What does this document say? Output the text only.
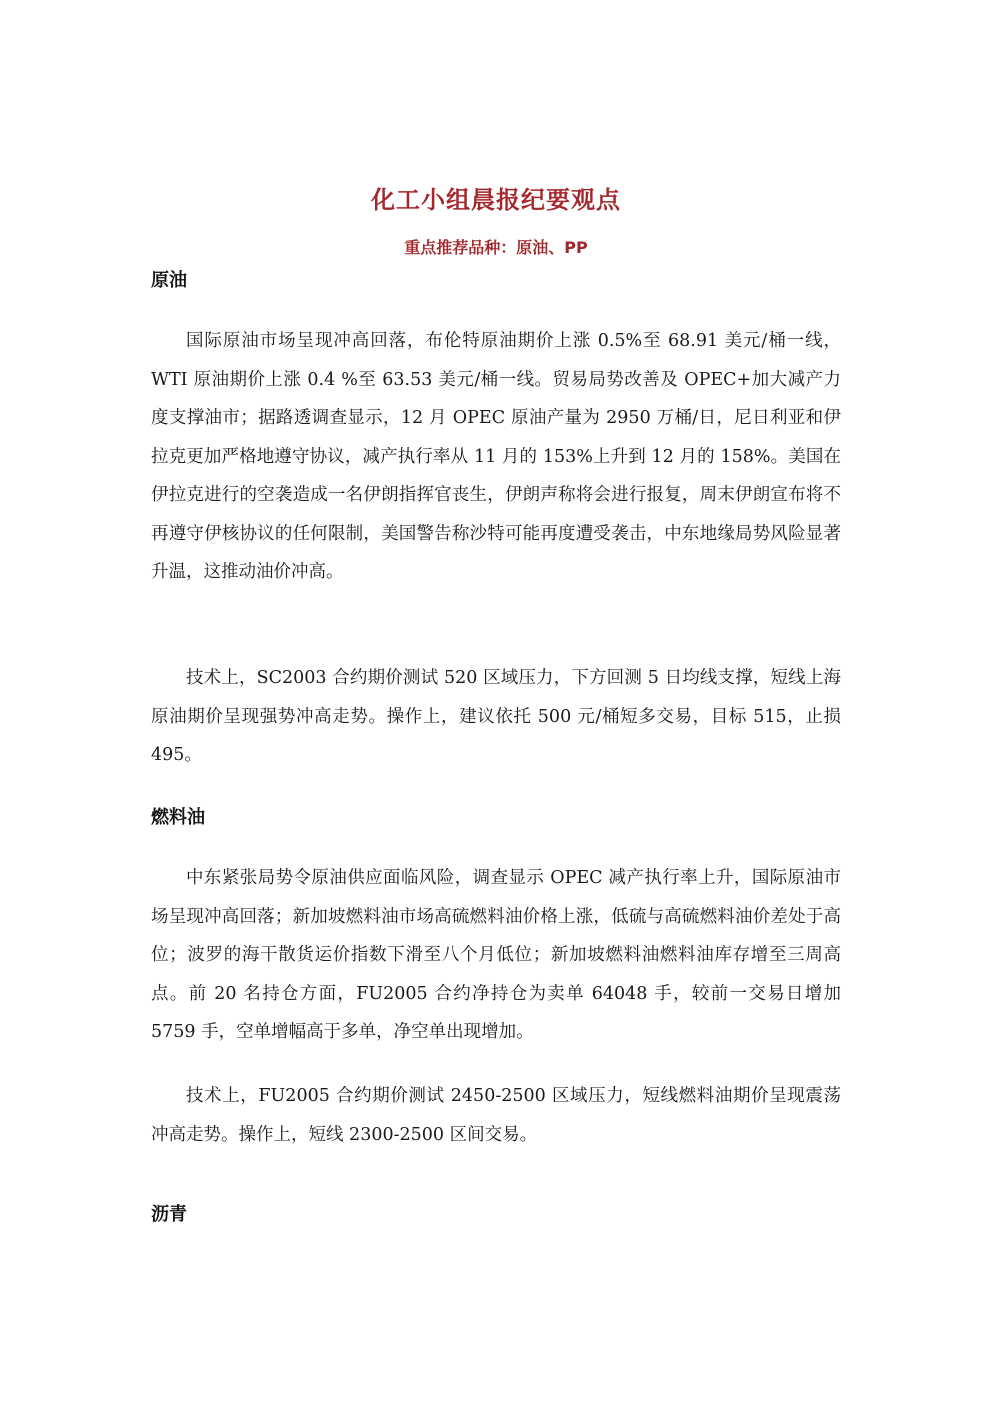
化工小组晨报纪要观点
重点推荐品种：原油、PP
原油

国际原油市场呈现冲高回落，布伦特原油期价上涨 0.5%至 68.91 美元/桶一线，WTI 原油期价上涨 0.4 %至 63.53 美元/桶一线。贸易局势改善及 OPEC+加大减产力度支撑油市；据路透调查显示，12 月 OPEC 原油产量为 2950 万桶/日，尼日利亚和伊拉克更加严格地遵守协议，减产执行率从 11 月的 153%上升到 12 月的 158%。美国在伊拉克进行的空袭造成一名伊朗指挥官丧生，伊朗声称将会进行报复，周末伊朗宣布将不再遵守伊核协议的任何限制，美国警告称沙特可能再度遭受袭击，中东地缘局势风险显著升温，这推动油价冲高。

技术上，SC2003 合约期价测试 520 区域压力，下方回测 5 日均线支撑，短线上海原油期价呈现强势冲高走势。操作上，建议依托 500 元/桶短多交易，目标 515，止损 495。

燃料油

中东紧张局势令原油供应面临风险，调查显示 OPEC 减产执行率上升，国际原油市场呈现冲高回落；新加坡燃料油市场高硫燃料油价格上涨，低硫与高硫燃料油价差处于高位；波罗的海干散货运价指数下滑至八个月低位；新加坡燃料油燃料油库存增至三周高点。前 20 名持仓方面，FU2005 合约净持仓为卖单 64048 手，较前一交易日增加 5759 手，空单增幅高于多单，净空单出现增加。

技术上，FU2005 合约期价测试 2450-2500 区域压力，短线燃料油期价呈现震荡冲高走势。操作上，短线 2300-2500 区间交易。

沥青
